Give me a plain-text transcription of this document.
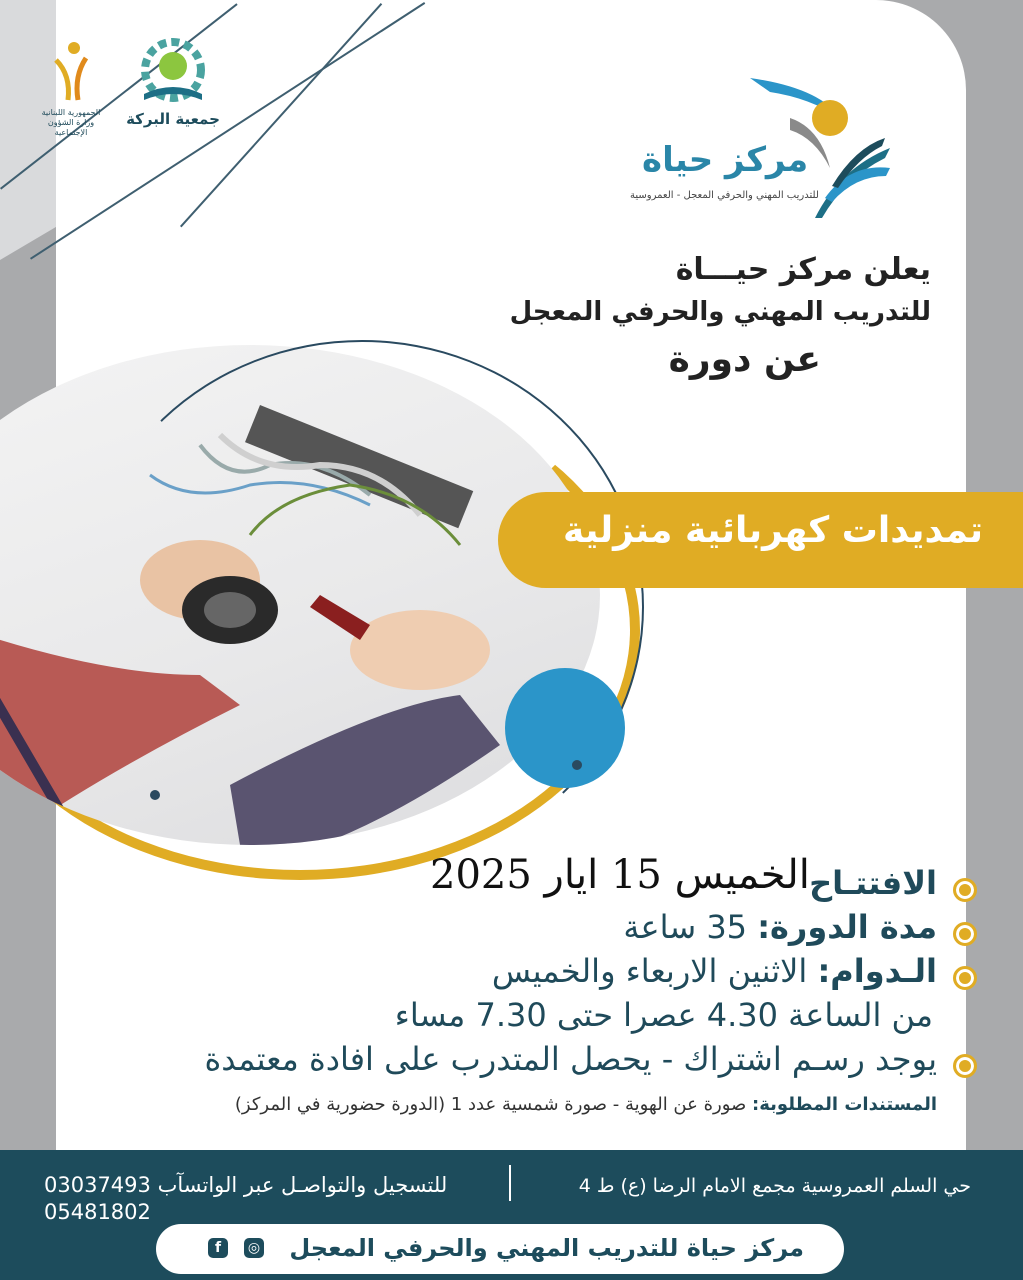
الجمهورية اللبنانية
وزارة الشؤون الإجتماعية
جمعية البركة
مركز حياة
للتدريب المهني والحرفي المعجل - العمروسية
يعلن مركز حيـــاة
للتدريب المهني والحرفي المعجل
عن دورة
تمديدات كهربائية منزلية
الافتتـاح
الخميس 15 ايار 2025
مدة الدورة: 35 ساعة
الـدوام: الاثنين الاربعاء والخميس
من الساعة 4.30 عصرا حتى 7.30 مساء
يوجد رسـم اشتراك - يحصل المتدرب على افادة معتمدة
المستندات المطلوبة: صورة عن الهوية - صورة شمسية عدد 1 (الدورة حضورية في المركز)
حي السلم العمروسية مجمع الامام الرضا (ع) ط 4
للتسجيل والتواصـل عبر الواتسآب 03037493
05481802
مركز حياة للتدريب المهني والحرفي المعجل
◎
f
